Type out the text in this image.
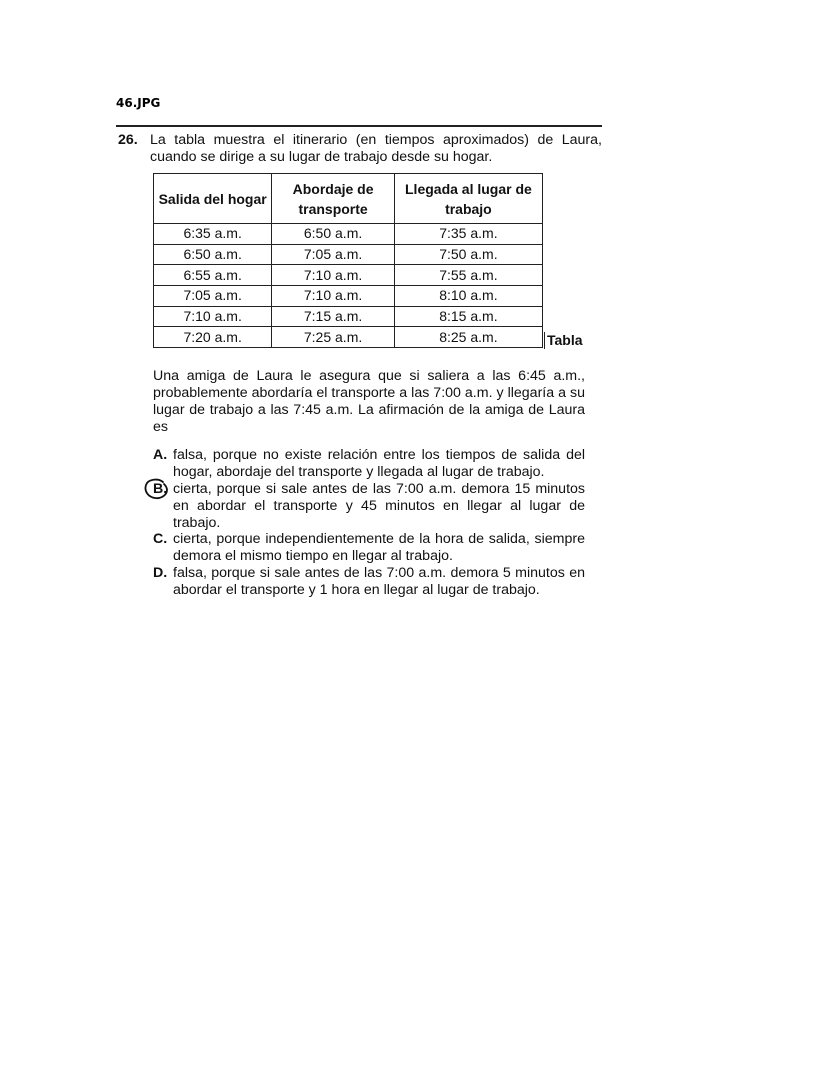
46.JPG
26. La tabla muestra el itinerario (en tiempos aproximados) de Laura, cuando se dirige a su lugar de trabajo desde su hogar.
Salida del hogar	Abordaje de transporte	Llegada al lugar de trabajo
6:35 a.m.	6:50 a.m.	7:35 a.m.
6:50 a.m.	7:05 a.m.	7:50 a.m.
6:55 a.m.	7:10 a.m.	7:55 a.m.
7:05 a.m.	7:10 a.m.	8:10 a.m.
7:10 a.m.	7:15 a.m.	8:15 a.m.
7:20 a.m.	7:25 a.m.	8:25 a.m.	Tabla
Una amiga de Laura le asegura que si saliera a las 6:45 a.m., probablemente abordaría el transporte a las 7:00 a.m. y llegaría a su lugar de trabajo a las 7:45 a.m. La afirmación de la amiga de Laura es
A. falsa, porque no existe relación entre los tiempos de salida del hogar, abordaje del transporte y llegada al lugar de trabajo.
B. cierta, porque si sale antes de las 7:00 a.m. demora 15 minutos en abordar el transporte y 45 minutos en llegar al lugar de trabajo.
C. cierta, porque independientemente de la hora de salida, siempre demora el mismo tiempo en llegar al trabajo.
D. falsa, porque si sale antes de las 7:00 a.m. demora 5 minutos en abordar el transporte y 1 hora en llegar al lugar de trabajo.
